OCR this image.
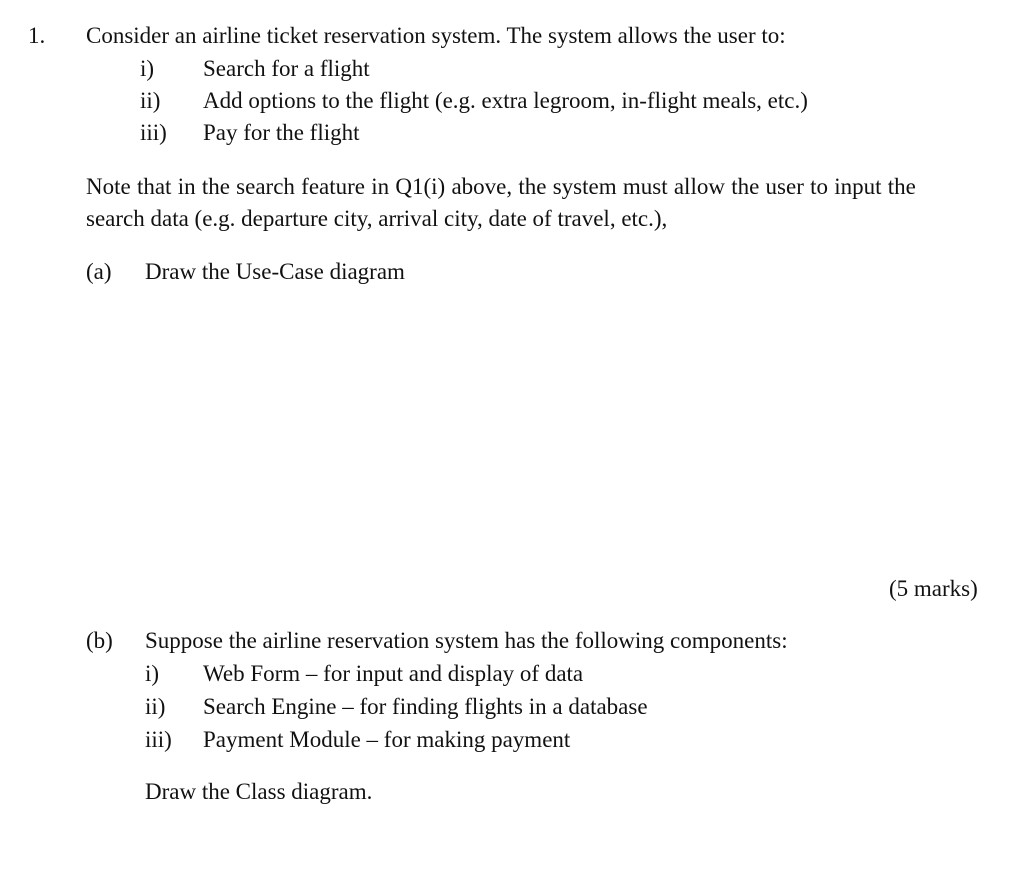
1. Consider an airline ticket reservation system. The system allows the user to:
i) Search for a flight
ii) Add options to the flight (e.g. extra legroom, in-flight meals, etc.)
iii) Pay for the flight
Note that in the search feature in Q1(i) above, the system must allow the user to input the
search data (e.g. departure city, arrival city, date of travel, etc.),
(a) Draw the Use-Case diagram
(5 marks)
(b) Suppose the airline reservation system has the following components:
i) Web Form – for input and display of data
ii) Search Engine – for finding flights in a database
iii) Payment Module – for making payment
Draw the Class diagram.
